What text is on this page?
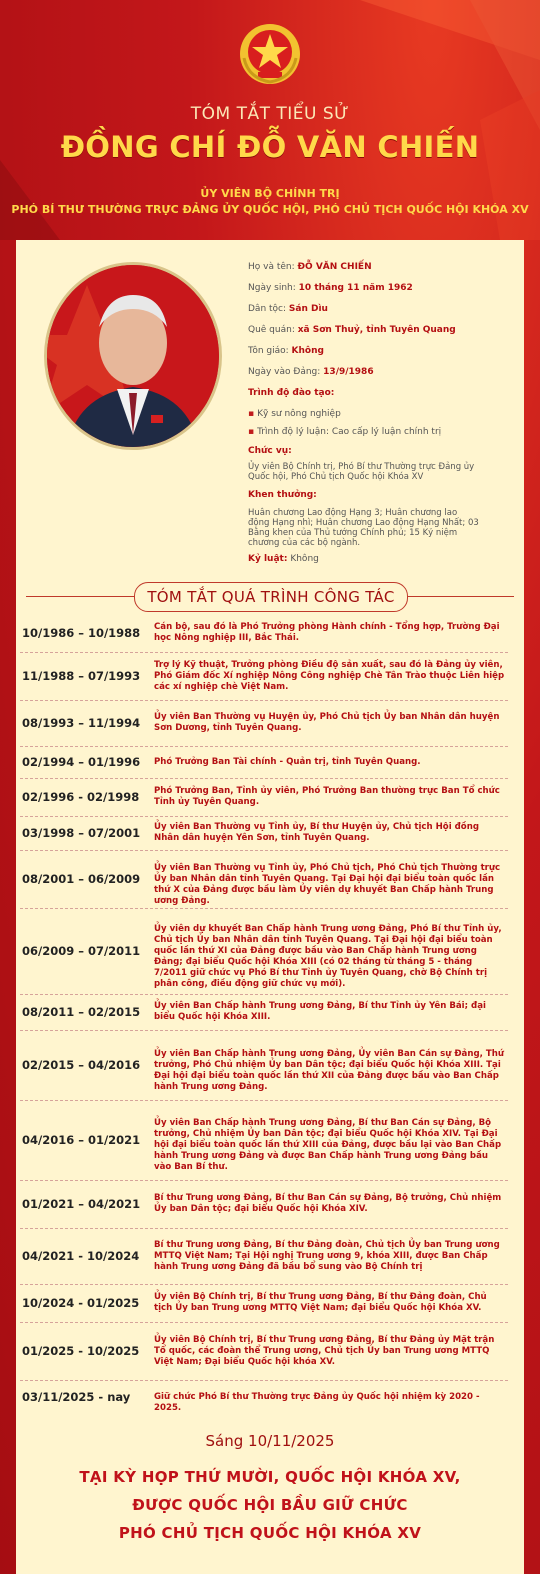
TÓM TẮT TIỂU SỬ
ĐỒNG CHÍ ĐỖ VĂN CHIẾN
ỦY VIÊN BỘ CHÍNH TRỊ
PHÓ BÍ THƯ THƯỜNG TRỰC ĐẢNG ỦY QUỐC HỘI, PHÓ CHỦ TỊCH QUỐC HỘI KHÓA XV
Họ và tên: ĐỖ VĂN CHIẾN
Ngày sinh: 10 tháng 11 năm 1962
Dân tộc: Sán Dìu
Quê quán: xã Sơn Thuỷ, tỉnh Tuyên Quang
Tôn giáo: Không
Ngày vào Đảng: 13/9/1986
Trình độ đào tạo:
▪ Kỹ sư nông nghiệp
▪ Trình độ lý luận: Cao cấp lý luận chính trị
Chức vụ:
Ủy viên Bộ Chính trị, Phó Bí thư Thường trực Đảng ủy Quốc hội, Phó Chủ tịch Quốc hội Khóa XV
Khen thưởng:
Huân chương Lao động Hạng 3; Huân chương lao động Hạng nhì; Huân chương Lao động Hạng Nhất; 03 Bằng khen của Thủ tướng Chính phủ; 15 Kỷ niệm chương của các bộ ngành.
Kỷ luật: Không
TÓM TẮT QUÁ TRÌNH CÔNG TÁC
10/1986 – 10/1988	Cán bộ, sau đó là Phó Trưởng phòng Hành chính - Tổng hợp, Trường Đại học Nông nghiệp III, Bắc Thái.
11/1988 – 07/1993
Trợ lý Kỹ thuật, Trưởng phòng Điều độ sản xuất, sau đó là Đảng ủy viên, Phó Giám đốc Xí nghiệp Nông Công nghiệp Chè Tân Trào thuộc Liên hiệp các xí nghiệp chè Việt Nam.
08/1993 – 11/1994	Ủy viên Ban Thường vụ Huyện ủy, Phó Chủ tịch Ủy ban Nhân dân huyện Sơn Dương, tỉnh Tuyên Quang.
02/1994 – 01/1996	Phó Trưởng Ban Tài chính - Quản trị, tỉnh Tuyên Quang.
02/1996 - 02/1998	Phó Trưởng Ban, Tỉnh ủy viên, Phó Trưởng Ban thường trực Ban Tổ chức Tỉnh ủy Tuyên Quang.
03/1998 – 07/2001	Ủy viên Ban Thường vụ Tỉnh ủy, Bí thư Huyện ủy, Chủ tịch Hội đồng Nhân dân huyện Yên Sơn, tỉnh Tuyên Quang.
08/2001 – 06/2009
Ủy viên Ban Thường vụ Tỉnh ủy, Phó Chủ tịch, Phó Chủ tịch Thường trực Ủy ban Nhân dân tỉnh Tuyên Quang. Tại Đại hội đại biểu toàn quốc lần thứ X của Đảng được bầu làm Ủy viên dự khuyết Ban Chấp hành Trung ương Đảng.
06/2009 – 07/2011
Ủy viên dự khuyết Ban Chấp hành Trung ương Đảng, Phó Bí thư Tỉnh ủy, Chủ tịch Ủy ban Nhân dân tỉnh Tuyên Quang. Tại Đại hội đại biểu toàn quốc lần thứ XI của Đảng được bầu vào Ban Chấp hành Trung ương Đảng; đại biểu Quốc hội Khóa XIII (có 02 tháng từ tháng 5 - tháng 7/2011 giữ chức vụ Phó Bí thư Tỉnh ủy Tuyên Quang, chờ Bộ Chính trị phân công, điều động giữ chức vụ mới).
08/2011 – 02/2015	Ủy viên Ban Chấp hành Trung ương Đảng, Bí thư Tỉnh ủy Yên Bái; đại biểu Quốc hội Khóa XIII.
02/2015 – 04/2016
Ủy viên Ban Chấp hành Trung ương Đảng, Ủy viên Ban Cán sự Đảng, Thứ trưởng, Phó Chủ nhiệm Ủy ban Dân tộc; đại biểu Quốc hội Khóa XIII. Tại Đại hội đại biểu toàn quốc lần thứ XII của Đảng được bầu vào Ban Chấp hành Trung ương Đảng.
04/2016 – 01/2021
Ủy viên Ban Chấp hành Trung ương Đảng, Bí thư Ban Cán sự Đảng, Bộ trưởng, Chủ nhiệm Ủy ban Dân tộc; đại biểu Quốc hội Khóa XIV. Tại Đại hội đại biểu toàn quốc lần thứ XIII của Đảng, được bầu lại vào Ban Chấp hành Trung ương Đảng và được Ban Chấp hành Trung ương Đảng bầu vào Ban Bí thư.
01/2021 – 04/2021	Bí thư Trung ương Đảng, Bí thư Ban Cán sự Đảng, Bộ trưởng, Chủ nhiệm Ủy ban Dân tộc; đại biểu Quốc hội Khóa XIV.
04/2021 - 10/2024
Bí thư Trung ương Đảng, Bí thư Đảng đoàn, Chủ tịch Ủy ban Trung ương MTTQ Việt Nam; Tại Hội nghị Trung ương 9, khóa XIII, được Ban Chấp hành Trung ương Đảng đã bầu bổ sung vào Bộ Chính trị
10/2024 - 01/2025	Ủy viên Bộ Chính trị, Bí thư Trung ương Đảng, Bí thư Đảng đoàn, Chủ tịch Ủy ban Trung ương MTTQ Việt Nam; đại biểu Quốc hội Khóa XV.
01/2025 - 10/2025
Ủy viên Bộ Chính trị, Bí thư Trung ương Đảng, Bí thư Đảng ủy Mặt trận Tổ quốc, các đoàn thể Trung ương, Chủ tịch Ủy ban Trung ương MTTQ Việt Nam; Đại biểu Quốc hội khóa XV.
03/11/2025 - nay	Giữ chức Phó Bí thư Thường trực Đảng ủy Quốc hội nhiệm kỳ 2020 - 2025.
Sáng 10/11/2025
TẠI KỲ HỌP THỨ MƯỜI, QUỐC HỘI KHÓA XV,
ĐƯỢC QUỐC HỘI BẦU GIỮ CHỨC
PHÓ CHỦ TỊCH QUỐC HỘI KHÓA XV
